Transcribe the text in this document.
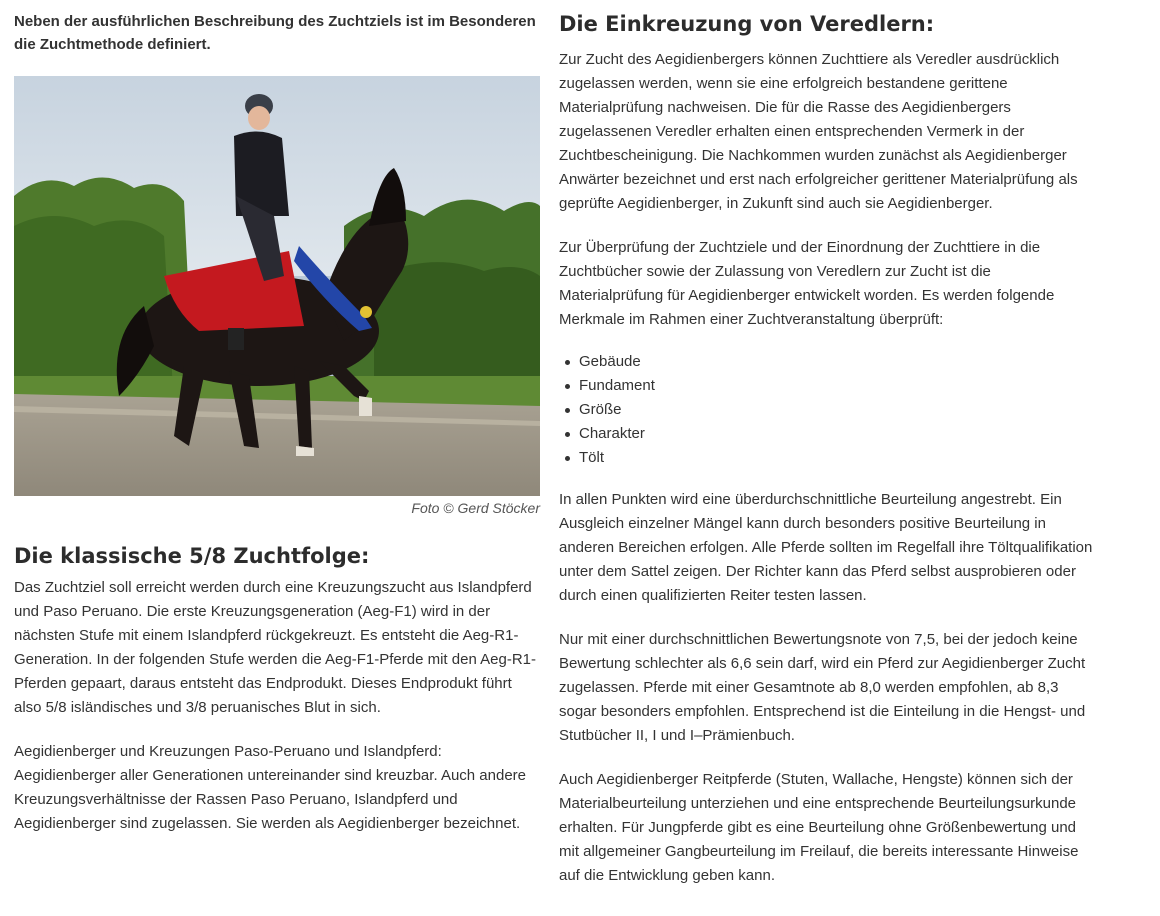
Neben der ausführlichen Beschreibung des Zuchtziels ist im Besonderen die Zuchtmethode definiert.

Foto © Gerd Stöcker
Die klassische 5/8 Zuchtfolge:

Das Zuchtziel soll erreicht werden durch eine Kreuzungszucht aus Islandpferd und Paso Peruano. Die erste Kreuzungsgeneration (Aeg-F1) wird in der nächsten Stufe mit einem Islandpferd rückgekreuzt. Es entsteht die Aeg-R1-Generation. In der folgenden Stufe werden die Aeg-F1-Pferde mit den Aeg-R1-Pferden gepaart, daraus entsteht das Endprodukt. Dieses Endprodukt führt also 5/8 isländisches und 3/8 peruanisches Blut in sich.

Aegidienberger und Kreuzungen Paso-Peruano und Islandpferd: Aegidienberger aller Generationen untereinander sind kreuzbar. Auch andere Kreuzungsverhältnisse der Rassen Paso Peruano, Islandpferd und Aegidienberger sind zugelassen. Sie werden als Aegidienberger bezeichnet.

Die Einkreuzung von Veredlern:

Zur Zucht des Aegidienbergers können Zuchttiere als Veredler ausdrücklich zugelassen werden, wenn sie eine erfolgreich bestandene gerittene Materialprüfung nachweisen. Die für die Rasse des Aegidienbergers zugelassenen Veredler erhalten einen entsprechenden Vermerk in der Zuchtbescheinigung. Die Nachkommen wurden zunächst als Aegidienberger Anwärter bezeichnet und erst nach erfolgreicher gerittener Materialprüfung als geprüfte Aegidienberger, in Zukunft sind auch sie Aegidienberger.

Zur Überprüfung der Zuchtziele und der Einordnung der Zuchttiere in die Zuchtbücher sowie der Zulassung von Veredlern zur Zucht ist die Materialprüfung für Aegidienberger entwickelt worden. Es werden folgende Merkmale im Rahmen einer Zuchtveranstaltung überprüft:

Gebäude
Fundament
Größe
Charakter
Tölt

In allen Punkten wird eine überdurchschnittliche Beurteilung angestrebt. Ein Ausgleich einzelner Mängel kann durch besonders positive Beurteilung in anderen Bereichen erfolgen. Alle Pferde sollten im Regelfall ihre Töltqualifikation unter dem Sattel zeigen. Der Richter kann das Pferd selbst ausprobieren oder durch einen qualifizierten Reiter testen lassen.

Nur mit einer durchschnittlichen Bewertungsnote von 7,5, bei der jedoch keine Bewertung schlechter als 6,6 sein darf, wird ein Pferd zur Aegidienberger Zucht zugelassen. Pferde mit einer Gesamtnote ab 8,0 werden empfohlen, ab 8,3 sogar besonders empfohlen. Entsprechend ist die Einteilung in die Hengst- und Stutbücher II, I und I–Prämienbuch.

Auch Aegidienberger Reitpferde (Stuten, Wallache, Hengste) können sich der Materialbeurteilung unterziehen und eine entsprechende Beurteilungsurkunde erhalten. Für Jungpferde gibt es eine Beurteilung ohne Größenbewertung und mit allgemeiner Gangbeurteilung im Freilauf, die bereits interessante Hinweise auf die Entwicklung geben kann.
